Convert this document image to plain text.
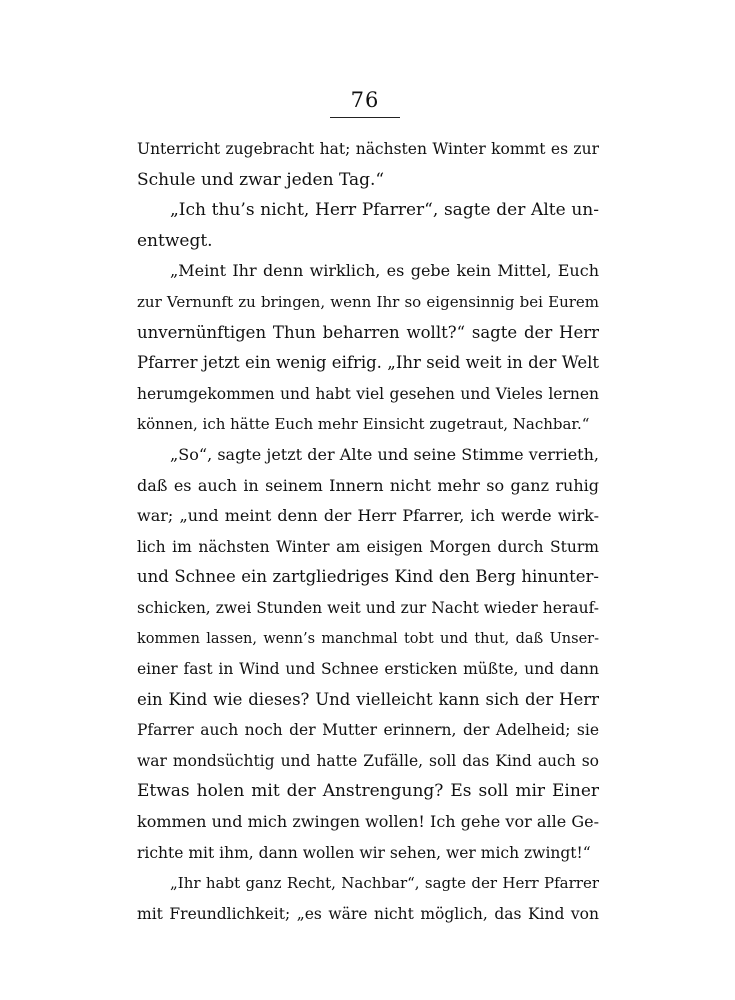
76
Unterricht zugebracht hat; nächsten Winter kommt es zur
Schule und zwar jeden Tag.“
„Ich thu’s nicht, Herr Pfarrer“, sagte der Alte un-
entwegt.
„Meint Ihr denn wirklich, es gebe kein Mittel, Euch
zur Vernunft zu bringen, wenn Ihr so eigensinnig bei Eurem
unvernünftigen Thun beharren wollt?“ sagte der Herr
Pfarrer jetzt ein wenig eifrig. „Ihr seid weit in der Welt
herumgekommen und habt viel gesehen und Vieles lernen
können, ich hätte Euch mehr Einsicht zugetraut, Nachbar.“
„So“, sagte jetzt der Alte und seine Stimme verrieth,
daß es auch in seinem Innern nicht mehr so ganz ruhig
war; „und meint denn der Herr Pfarrer, ich werde wirk-
lich im nächsten Winter am eisigen Morgen durch Sturm
und Schnee ein zartgliedriges Kind den Berg hinunter-
schicken, zwei Stunden weit und zur Nacht wieder herauf-
kommen lassen, wenn’s manchmal tobt und thut, daß Unser-
einer fast in Wind und Schnee ersticken müßte, und dann
ein Kind wie dieses? Und vielleicht kann sich der Herr
Pfarrer auch noch der Mutter erinnern, der Adelheid; sie
war mondsüchtig und hatte Zufälle, soll das Kind auch so
Etwas holen mit der Anstrengung? Es soll mir Einer
kommen und mich zwingen wollen! Ich gehe vor alle Ge-
richte mit ihm, dann wollen wir sehen, wer mich zwingt!“
„Ihr habt ganz Recht, Nachbar“, sagte der Herr Pfarrer
mit Freundlichkeit; „es wäre nicht möglich, das Kind von
